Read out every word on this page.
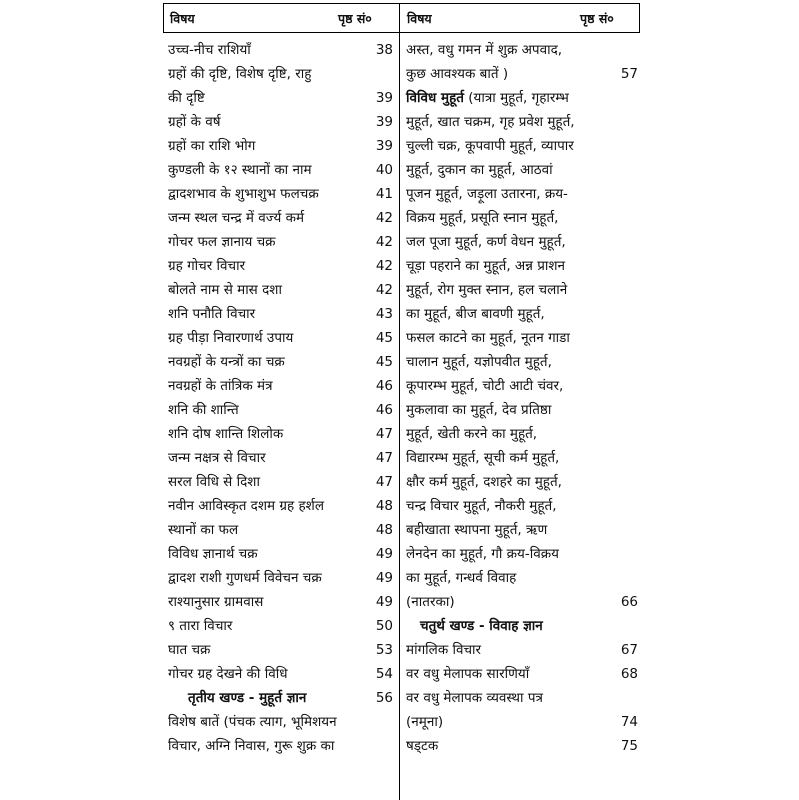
विषय	पृष्ठ सं०	विषय	पृष्ठ सं०
उच्च-नीच राशियाँ	38
ग्रहों की दृष्टि, विशेष दृष्टि, राहु
की दृष्टि	39
ग्रहों के वर्ष	39
ग्रहों का राशि भोग	39
कुण्डली के १२ स्थानों का नाम	40
द्वादशभाव के शुभाशुभ फलचक्र	41
जन्म स्थल चन्द्र में वर्ज्य कर्म	42
गोचर फल ज्ञानाय चक्र	42
ग्रह गोचर विचार	42
बोलते नाम से मास दशा	42
शनि पनौति विचार	43
ग्रह पीड़ा निवारणार्थ उपाय	45
नवग्रहों के यन्त्रों का चक्र	45
नवग्रहों के तांत्रिक मंत्र	46
शनि की शान्ति	46
शनि दोष शान्ति शिलोक	47
जन्म नक्षत्र से विचार	47
सरल विधि से दिशा	47
नवीन आविस्कृत दशम ग्रह हर्शल	48
स्थानों का फल	48
विविध ज्ञानार्थ चक्र	49
द्वादश राशी गुणधर्म विवेचन चक्र	49
राश्यानुसार ग्रामवास	49
९ तारा विचार	50
घात चक्र	53
गोचर ग्रह देखने की विधि	54
तृतीय खण्ड - मुहूर्त ज्ञान	56
विशेष बातें (पंचक त्याग, भूमिशयन
विचार, अग्नि निवास, गुरू शुक्र का
अस्त, वधु गमन में शुक्र अपवाद,
कुछ आवश्यक बातें )	57
विविध मुहूर्त (यात्रा मुहूर्त, गृहारम्भ
मुहूर्त, खात चक्रम, गृह प्रवेश मुहूर्त,
चुल्ली चक्र, कूपवापी मुहूर्त, व्यापार
मुहूर्त, दुकान का मुहूर्त, आठवां
पूजन मुहूर्त, जड़ूला उतारना, क्रय-
विक्रय मुहूर्त, प्रसूति स्नान मुहूर्त,
जल पूजा मुहूर्त, कर्ण वेधन मुहूर्त,
चूड़ा पहराने का मुहूर्त, अन्न प्राशन
मुहूर्त, रोग मुक्त स्नान, हल चलाने
का मुहूर्त, बीज बावणी मुहूर्त,
फसल काटने का मुहूर्त, नूतन गाडा
चालान मुहूर्त, यज्ञोपवीत मुहूर्त,
कूपारम्भ मुहूर्त, चोटी आटी चंवर,
मुकलावा का मुहूर्त, देव प्रतिष्ठा
मुहूर्त, खेती करने का मुहूर्त,
विद्यारम्भ मुहूर्त, सूची कर्म मुहूर्त,
क्षौर कर्म मुहूर्त, दशहरे का मुहूर्त,
चन्द्र विचार मुहूर्त, नौकरी मुहूर्त,
बहीखाता स्थापना मुहूर्त, ऋण
लेनदेन का मुहूर्त, गौ क्रय-विक्रय
का मुहूर्त, गन्धर्व विवाह
(नातरका)	66
चतुर्थ खण्ड - विवाह ज्ञान
मांगलिक विचार	67
वर वधु मेलापक सारणियाँ	68
वर वधु मेलापक व्यवस्था पत्र
(नमूना)	74
षड्टक	75
